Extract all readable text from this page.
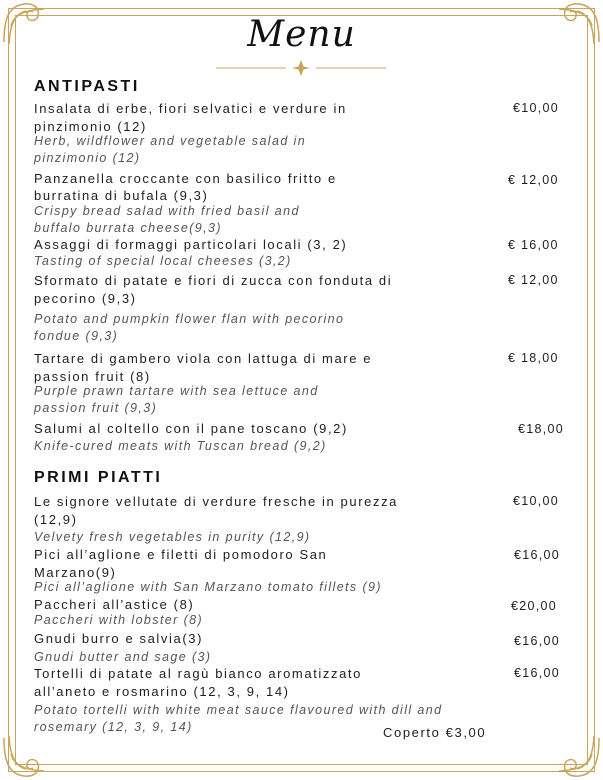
Menu
ANTIPASTI
Insalata di erbe, fiori selvatici e verdure in
pinzimonio (12)
Herb, wildflower and vegetable salad in
pinzimonio (12)
€10,00
Panzanella croccante con basilico fritto e
burratina di bufala (9,3)
Crispy bread salad with fried basil and
buffalo burrata cheese(9,3)
€ 12,00
Assaggi di formaggi particolari locali (3, 2)
Tasting of special local cheeses (3,2)
€ 16,00
Sformato di patate e fiori di zucca con fonduta di
pecorino (9,3)
Potato and pumpkin flower flan with pecorino
fondue (9,3)
€ 12,00
Tartare di gambero viola con lattuga di mare e
passion fruit (8)
Purple prawn tartare with sea lettuce and
passion fruit (9,3)
€ 18,00
Salumi al coltello con il pane toscano (9,2)
Knife-cured meats with Tuscan bread (9,2)
€18,00
PRIMI PIATTI
Le signore vellutate di verdure fresche in purezza
(12,9)
Velvety fresh vegetables in purity (12,9)
€10,00
Pici all’aglione e filetti di pomodoro San
Marzano(9)
Pici all’aglione with San Marzano tomato fillets (9)
€16,00
Paccheri all’astice (8)
Paccheri with lobster (8)
€20,00
Gnudi burro e salvia(3)
Gnudi butter and sage (3)
€16,00
Tortelli di patate al ragù bianco aromatizzato
all’aneto e rosmarino (12, 3, 9, 14)
Potato tortelli with white meat sauce flavoured with dill and
rosemary (12, 3, 9, 14)
€16,00
Coperto €3,00
